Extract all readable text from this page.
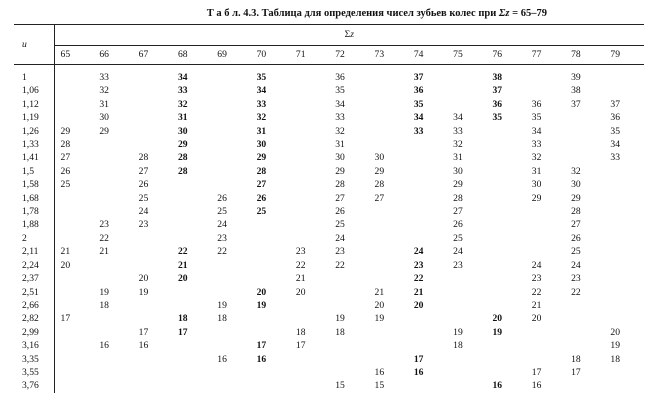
Т а б л. 4.3. Таблица для определения чисел зубьев колес при Σz = 65–79
u	Σz														
	65	66	67	68	69	70	71	72	73	74	75	76	77	78	79
1		33		34		35		36		37		38		39	
1,06		32		33		34		35		36		37		38	
1,12		31		32		33		34		35		36	36	37	37
1,19		30		31		32		33		34	34	35	35		36
1,26	29	29		30		31		32		33	33		34		35
1,33	28			29		30		31			32		33		34
1,41	27		28	28		29		30	30		31		32		33
1,5	26		27	28		28		29	29		30		31	32	
1,58	25		26			27		28	28		29		30	30	
1,68			25		26	26		27	27		28		29	29	
1,78			24		25	25		26			27			28	
1,88		23	23		24			25			26			27	
2		22			23			24			25			26	
2,11	21	21		22	22		23	23		24	24			25	
2,24	20			21			22	22		23	23		24	24	
2,37			20	20			21			22			23	23	
2,51		19	19			20	20		21	21			22	22	
2,66		18			19	19			20	20			21		
2,82	17			18	18			19	19			20	20		
2,99			17	17			18	18			19	19			20
3,16		16	16			17	17				18				19
3,35					16	16				17				18	18
3,55									16	16			17	17	
3,76								15	15			16	16		
